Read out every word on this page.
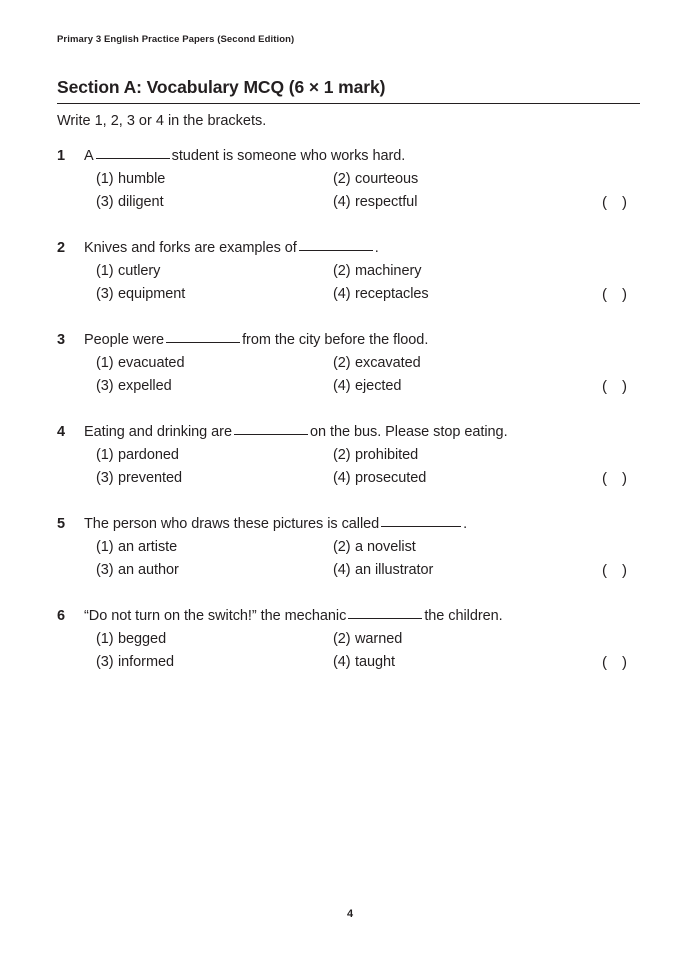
Primary 3 English Practice Papers (Second Edition)
Section A: Vocabulary MCQ (6 × 1 mark)
Write 1, 2, 3 or 4 in the brackets.
1 A	student is someone who works hard.
(1) humble	(2) courteous
(3) diligent	(4) respectful	( )
2 Knives and forks are examples of	.
(1) cutlery	(2) machinery
(3) equipment	(4) receptacles	( )
3 People were	from the city before the flood.
(1) evacuated	(2) excavated
(3) expelled	(4) ejected	( )
4 Eating and drinking are	on the bus. Please stop eating.
(1) pardoned	(2) prohibited
(3) prevented	(4) prosecuted	( )
5 The person who draws these pictures is called	.
(1) an artiste	(2) a novelist
(3) an author	(4) an illustrator	( )
6 “Do not turn on the switch!” the mechanic	the children.
(1) begged	(2) warned
(3) informed	(4) taught	( )
4
